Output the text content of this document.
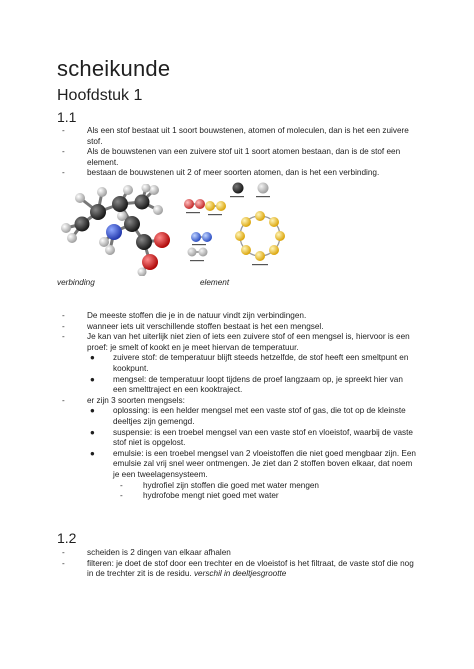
scheikunde
Hoofdstuk 1
1.1
-	Als een stof bestaat uit 1 soort bouwstenen, atomen of moleculen, dan is het een zuivere stof.
-	Als de bouwstenen van een zuivere stof uit 1 soort atomen bestaan, dan is de stof een element.
-	bestaan de bouwstenen uit 2 of meer soorten atomen, dan is het een verbinding.
verbinding	element
-	De meeste stoffen die je in de natuur vindt zijn verbindingen.
-	wanneer iets uit verschillende stoffen bestaat is het een mengsel.
-	Je kan van het uiterlijk niet zien of iets een zuivere stof of een mengsel is, hiervoor is een proef: je smelt of kookt en je meet hiervan de temperatuur.
● zuivere stof: de temperatuur blijft steeds hetzelfde, de stof heeft een smeltpunt en kookpunt.
● mengsel: de temperatuur loopt tijdens de proef langzaam op, je spreekt hier van een smelttraject en een kooktraject.
-	er zijn 3 soorten mengsels:
● oplossing: is een helder mengsel met een vaste stof of gas, die tot op de kleinste deeltjes zijn gemengd.
● suspensie: is een troebel mengsel van een vaste stof en vloeistof, waarbij de vaste stof niet is opgelost.
● emulsie: is een troebel mengsel van 2 vloeistoffen die niet goed mengbaar zijn. Een emulsie zal vrij snel weer ontmengen. Je ziet dan 2 stoffen boven elkaar, dat noem je een tweelagensysteem.
- hydrofiel zijn stoffen die goed met water mengen
- hydrofobe mengt niet goed met water
1.2
-	scheiden is 2 dingen van elkaar afhalen
-	filteren: je doet de stof door een trechter en de vloeistof is het filtraat, de vaste stof die nog in de trechter zit is de residu. verschil in deeltjesgrootte
